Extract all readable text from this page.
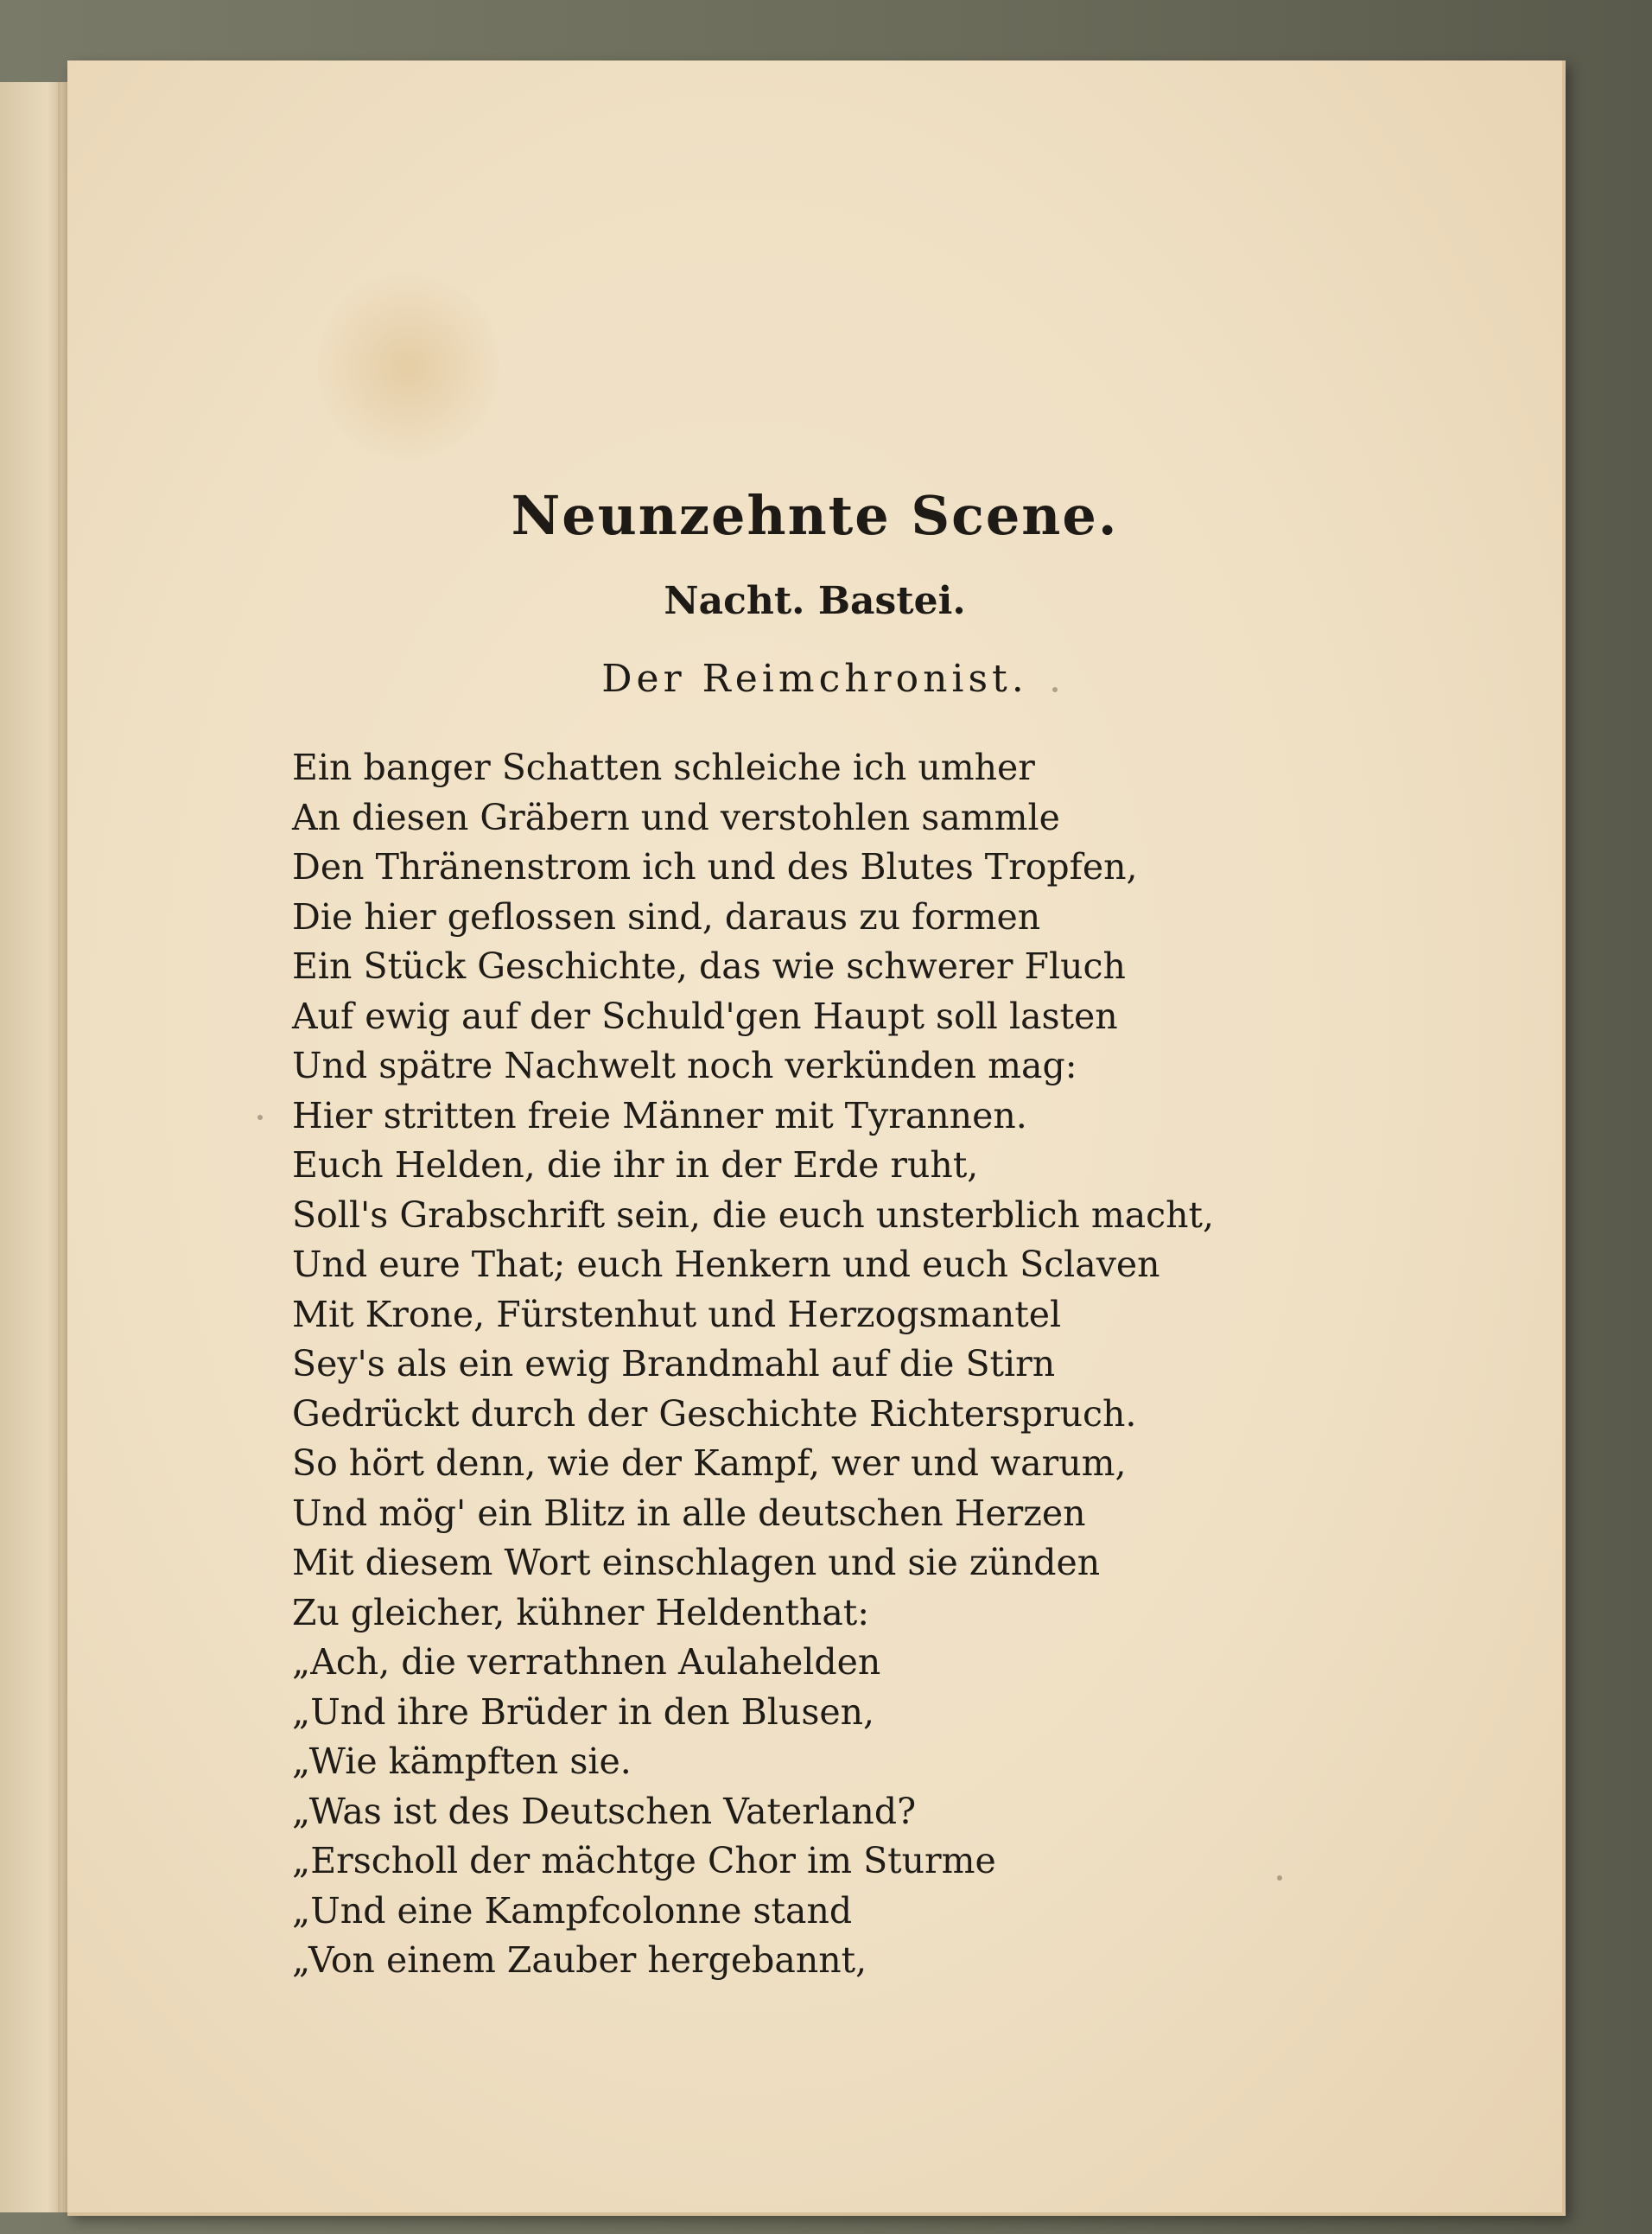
Neunzehnte Scene.
Nacht. Bastei.
Der Reimchronist.
Ein banger Schatten schleiche ich umher
An diesen Gräbern und verstohlen sammle
Den Thränenstrom ich und des Blutes Tropfen,
Die hier geflossen sind, daraus zu formen
Ein Stück Geschichte, das wie schwerer Fluch
Auf ewig auf der Schuld'gen Haupt soll lasten
Und spätre Nachwelt noch verkünden mag:
Hier stritten freie Männer mit Tyrannen.
Euch Helden, die ihr in der Erde ruht,
Soll's Grabschrift sein, die euch unsterblich macht,
Und eure That; euch Henkern und euch Sclaven
Mit Krone, Fürstenhut und Herzogsmantel
Sey's als ein ewig Brandmahl auf die Stirn
Gedrückt durch der Geschichte Richterspruch.
So hört denn, wie der Kampf, wer und warum,
Und mög' ein Blitz in alle deutschen Herzen
Mit diesem Wort einschlagen und sie zünden
Zu gleicher, kühner Heldenthat:
„Ach, die verrathnen Aulahelden
„Und ihre Brüder in den Blusen,
„Wie kämpften sie.
„Was ist des Deutschen Vaterland?
„Erscholl der mächtge Chor im Sturme
„Und eine Kampfcolonne stand
„Von einem Zauber hergebannt,
